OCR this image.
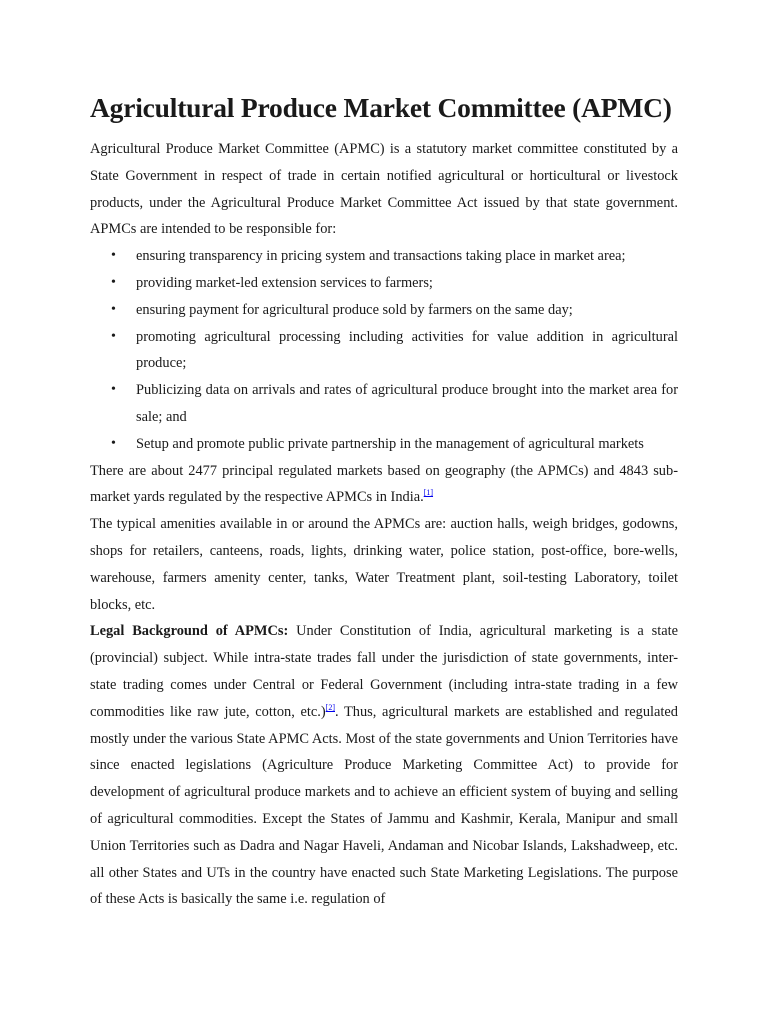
Agricultural Produce Market Committee (APMC)

Agricultural Produce Market Committee (APMC) is a statutory market committee constituted by a State Government in respect of trade in certain notified agricultural or horticultural or livestock products, under the Agricultural Produce Market Committee Act issued by that state government. APMCs are intended to be responsible for:

• ensuring transparency in pricing system and transactions taking place in market area;
• providing market-led extension services to farmers;
• ensuring payment for agricultural produce sold by farmers on the same day;
• promoting agricultural processing including activities for value addition in agricultural produce;
• Publicizing data on arrivals and rates of agricultural produce brought into the market area for sale; and
• Setup and promote public private partnership in the management of agricultural markets

There are about 2477 principal regulated markets based on geography (the APMCs) and 4843 sub-market yards regulated by the respective APMCs in India.[1]

The typical amenities available in or around the APMCs are: auction halls, weigh bridges, godowns, shops for retailers, canteens, roads, lights, drinking water, police station, post-office, bore-wells, warehouse, farmers amenity center, tanks, Water Treatment plant, soil-testing Laboratory, toilet blocks, etc.

Legal Background of APMCs: Under Constitution of India, agricultural marketing is a state (provincial) subject. While intra-state trades fall under the jurisdiction of state governments, inter-state trading comes under Central or Federal Government (including intra-state trading in a few commodities like raw jute, cotton, etc.)[2]. Thus, agricultural markets are established and regulated mostly under the various State APMC Acts. Most of the state governments and Union Territories have since enacted legislations (Agriculture Produce Marketing Committee Act) to provide for development of agricultural produce markets and to achieve an efficient system of buying and selling of agricultural commodities. Except the States of Jammu and Kashmir, Kerala, Manipur and small Union Territories such as Dadra and Nagar Haveli, Andaman and Nicobar Islands, Lakshadweep, etc. all other States and UTs in the country have enacted such State Marketing Legislations. The purpose of these Acts is basically the same i.e. regulation of
